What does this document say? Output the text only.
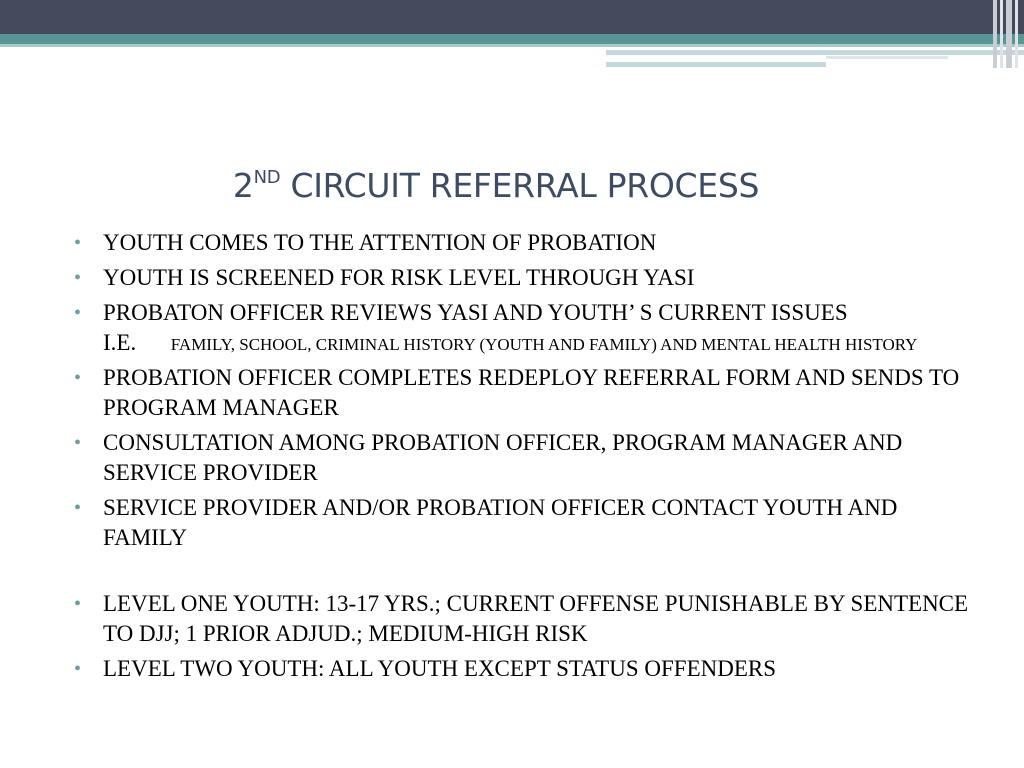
2ND CIRCUIT REFERRAL PROCESS
• YOUTH COMES TO THE ATTENTION OF PROBATION
• YOUTH IS SCREENED FOR RISK LEVEL THROUGH YASI
• PROBATON OFFICER REVIEWS YASI AND YOUTH’ S CURRENT ISSUES
I.E. FAMILY, SCHOOL, CRIMINAL HISTORY (YOUTH AND FAMILY) AND MENTAL HEALTH HISTORY
• PROBATION OFFICER COMPLETES REDEPLOY REFERRAL FORM AND SENDS TO PROGRAM MANAGER
• CONSULTATION AMONG PROBATION OFFICER, PROGRAM MANAGER AND SERVICE PROVIDER
• SERVICE PROVIDER AND/OR PROBATION OFFICER CONTACT YOUTH AND FAMILY
• LEVEL ONE YOUTH: 13-17 YRS.; CURRENT OFFENSE PUNISHABLE BY SENTENCE TO DJJ; 1 PRIOR ADJUD.; MEDIUM-HIGH RISK
• LEVEL TWO YOUTH: ALL YOUTH EXCEPT STATUS OFFENDERS
